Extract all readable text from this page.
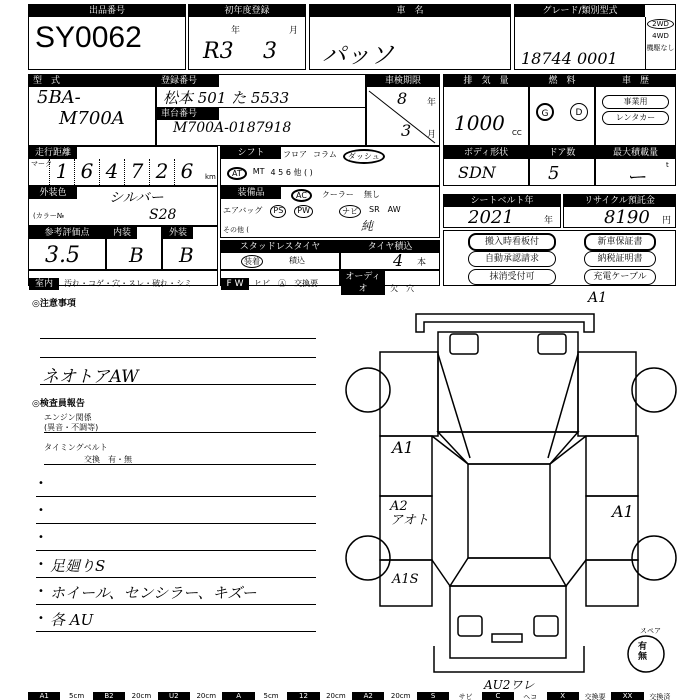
出品番号
SY0062
初年度登録
年	月
R3 3
車　名
パッソ
グレード/類別型式
18744 0001
2WD
4WD
機駆なし
型　式
5BA-
M700A
登録番号
松本 501 た 5533
車台番号
M700A-0187918
車検期限
年
月
8
3
排　気　量
1000 CC
燃　料
G	D
車　歴
事業用
レンタカー
走行距離
マーク 1 6 4 7 2 6	km
シフト	フロア コラム	ダッシュ
AT	MT 4 5 6 他 ( )
ボディ形状
SDN
ドア数
5
最大積載量
ー	t
外装色	シルバー
(カラー№	S28
装備品	AC	クーラー 無し
エアバッグ	PS	PW	ナビ	SR AW
その他 (	純
シートベルト年
2021	年
リサイクル預託金
8190 円
参考評価点
3.5
内装
B
外装
B	スタッドレスタイヤ
装着	積込
タイヤ積込
4 本
搬入時看板付	新車保証書
自動承認請求	納税証明書
抹消受付可	充電ケーブル
室内 汚れ・コゲ・穴・スレ・破れ・シミ	F W ヒビ　Ⓐ　交換要
オーディオ	欠　穴
◎注意事項
ネオトアAW
◎検査員報告
エンジン関係
(異音・不調等)
タイミングベルト
交換　有・無
•
•
•
• 足廻りS
• ホイール、センシラー、キズー
• 各 AU
A1
A1
A2
アオト
A1S
A1
AU2ワレ
スペア
有
無
A1	5cm	B2	20cm	U2	20cm	A	5cm	12	20cm	A2	20cm	S	サビ	C	ヘコ	X	交換要	XX	交換済
